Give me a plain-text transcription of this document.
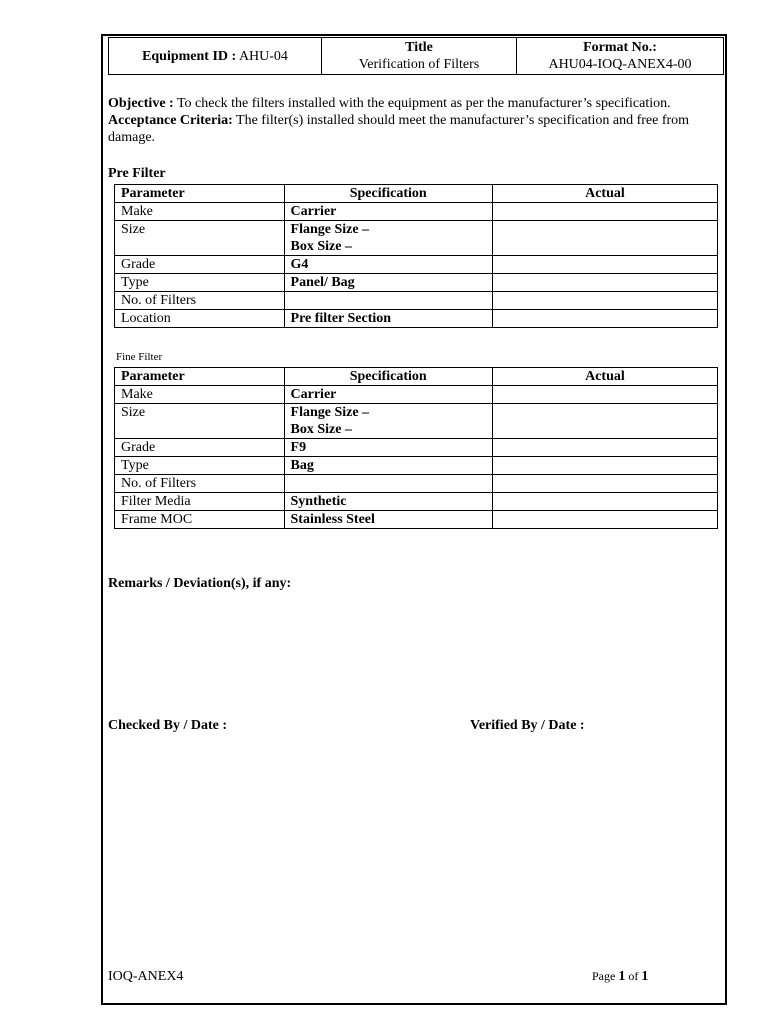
Equipment ID : AHU-04	
Title
Verification of Filters

Format No.:
AHU04-IOQ-ANEX4-00

Objective : To check the filters installed with the equipment as per the manufacturer’s specification.

Acceptance Criteria: The filter(s) installed should meet the manufacturer’s specification and free from    damage.

Pre Filter
Parameter	Specification	Actual
Make	Carrier	

Size	Flange Size –
Box Size –	

Grade	G4	

Type	Panel/ Bag	

No. of Filters	

Location	Pre filter Section	

Fine Filter
Parameter	Specification	Actual
Make	Carrier	

Size	Flange Size –
Box Size –	

Grade	F9	

Type	Bag	

No. of Filters	

Filter Media	Synthetic	

Frame MOC	Stainless Steel	

Remarks / Deviation(s), if any:
Checked By / Date :	Verified By / Date :
IOQ-ANEX4	Page 1 of 1
